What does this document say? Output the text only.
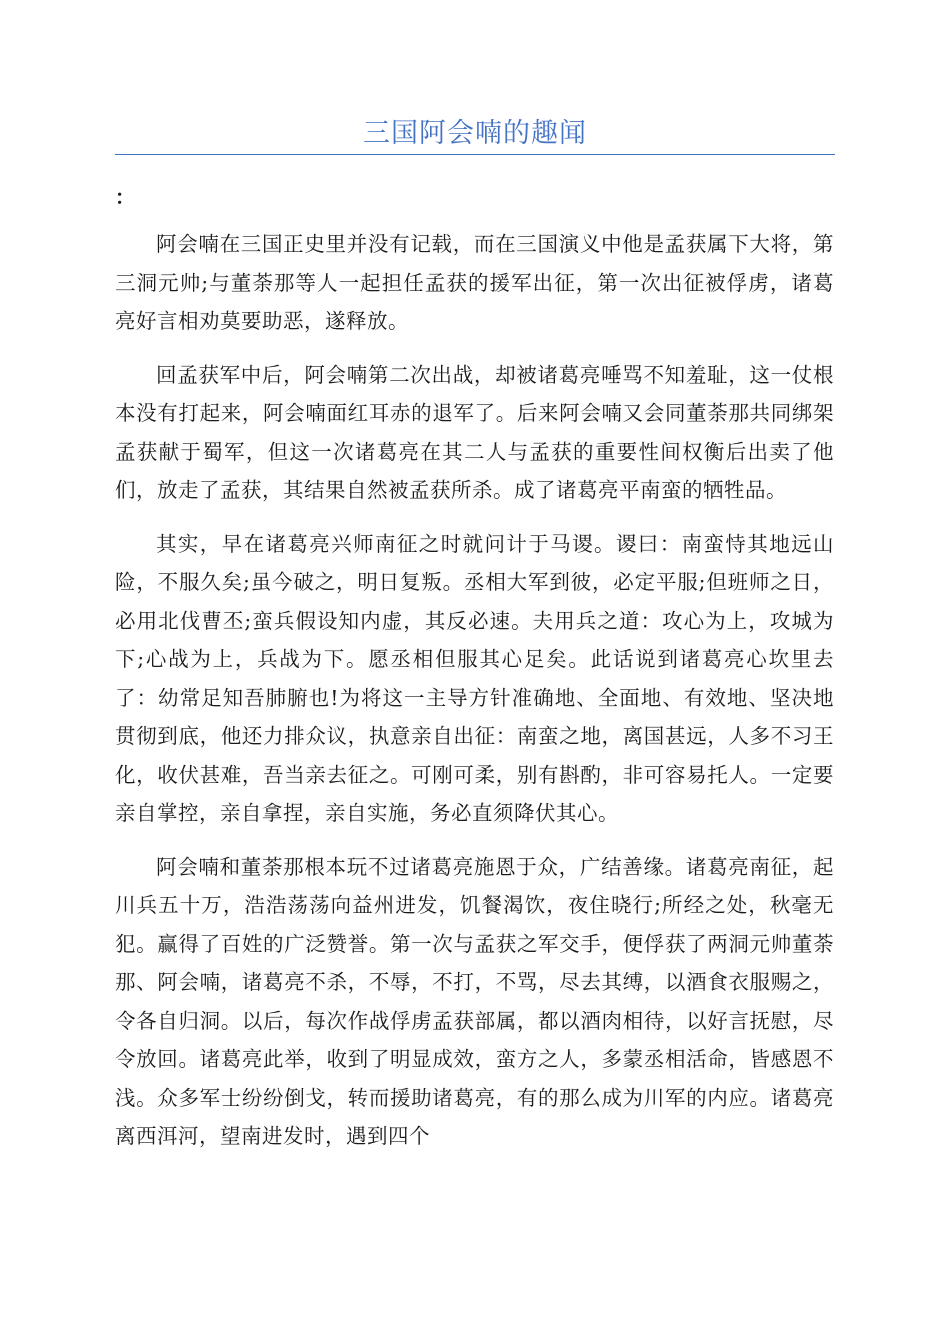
三国阿会喃的趣闻
：

阿会喃在三国正史里并没有记载，而在三国演义中他是孟获属下大将，第三洞元帅;与董荼那等人一起担任孟获的援军出征，第一次出征被俘虏，诸葛亮好言相劝莫要助恶，遂释放。

回孟获军中后，阿会喃第二次出战，却被诸葛亮唾骂不知羞耻，这一仗根本没有打起来，阿会喃面红耳赤的退军了。后来阿会喃又会同董荼那共同绑架孟获献于蜀军，但这一次诸葛亮在其二人与孟获的重要性间权衡后出卖了他们，放走了孟获，其结果自然被孟获所杀。成了诸葛亮平南蛮的牺牲品。

其实，早在诸葛亮兴师南征之时就问计于马谡。谡曰：南蛮恃其地远山险，不服久矣;虽今破之，明日复叛。丞相大军到彼，必定平服;但班师之日，必用北伐曹丕;蛮兵假设知内虚，其反必速。夫用兵之道：攻心为上，攻城为下;心战为上，兵战为下。愿丞相但服其心足矣。此话说到诸葛亮心坎里去了：幼常足知吾肺腑也!为将这一主导方针准确地、全面地、有效地、坚决地贯彻到底，他还力排众议，执意亲自出征：南蛮之地，离国甚远，人多不习王化，收伏甚难，吾当亲去征之。可刚可柔，别有斟酌，非可容易托人。一定要亲自掌控，亲自拿捏，亲自实施，务必直须降伏其心。

阿会喃和董荼那根本玩不过诸葛亮施恩于众，广结善缘。诸葛亮南征，起川兵五十万，浩浩荡荡向益州进发，饥餐渴饮，夜住晓行;所经之处，秋毫无犯。赢得了百姓的广泛赞誉。第一次与孟获之军交手，便俘获了两洞元帅董荼那、阿会喃，诸葛亮不杀，不辱，不打，不骂，尽去其缚，以酒食衣服赐之，令各自归洞。以后，每次作战俘虏孟获部属，都以酒肉相待，以好言抚慰，尽令放回。诸葛亮此举，收到了明显成效，蛮方之人，多蒙丞相活命，皆感恩不浅。众多军士纷纷倒戈，转而援助诸葛亮，有的那么成为川军的内应。诸葛亮离西洱河，望南进发时，遇到四个
